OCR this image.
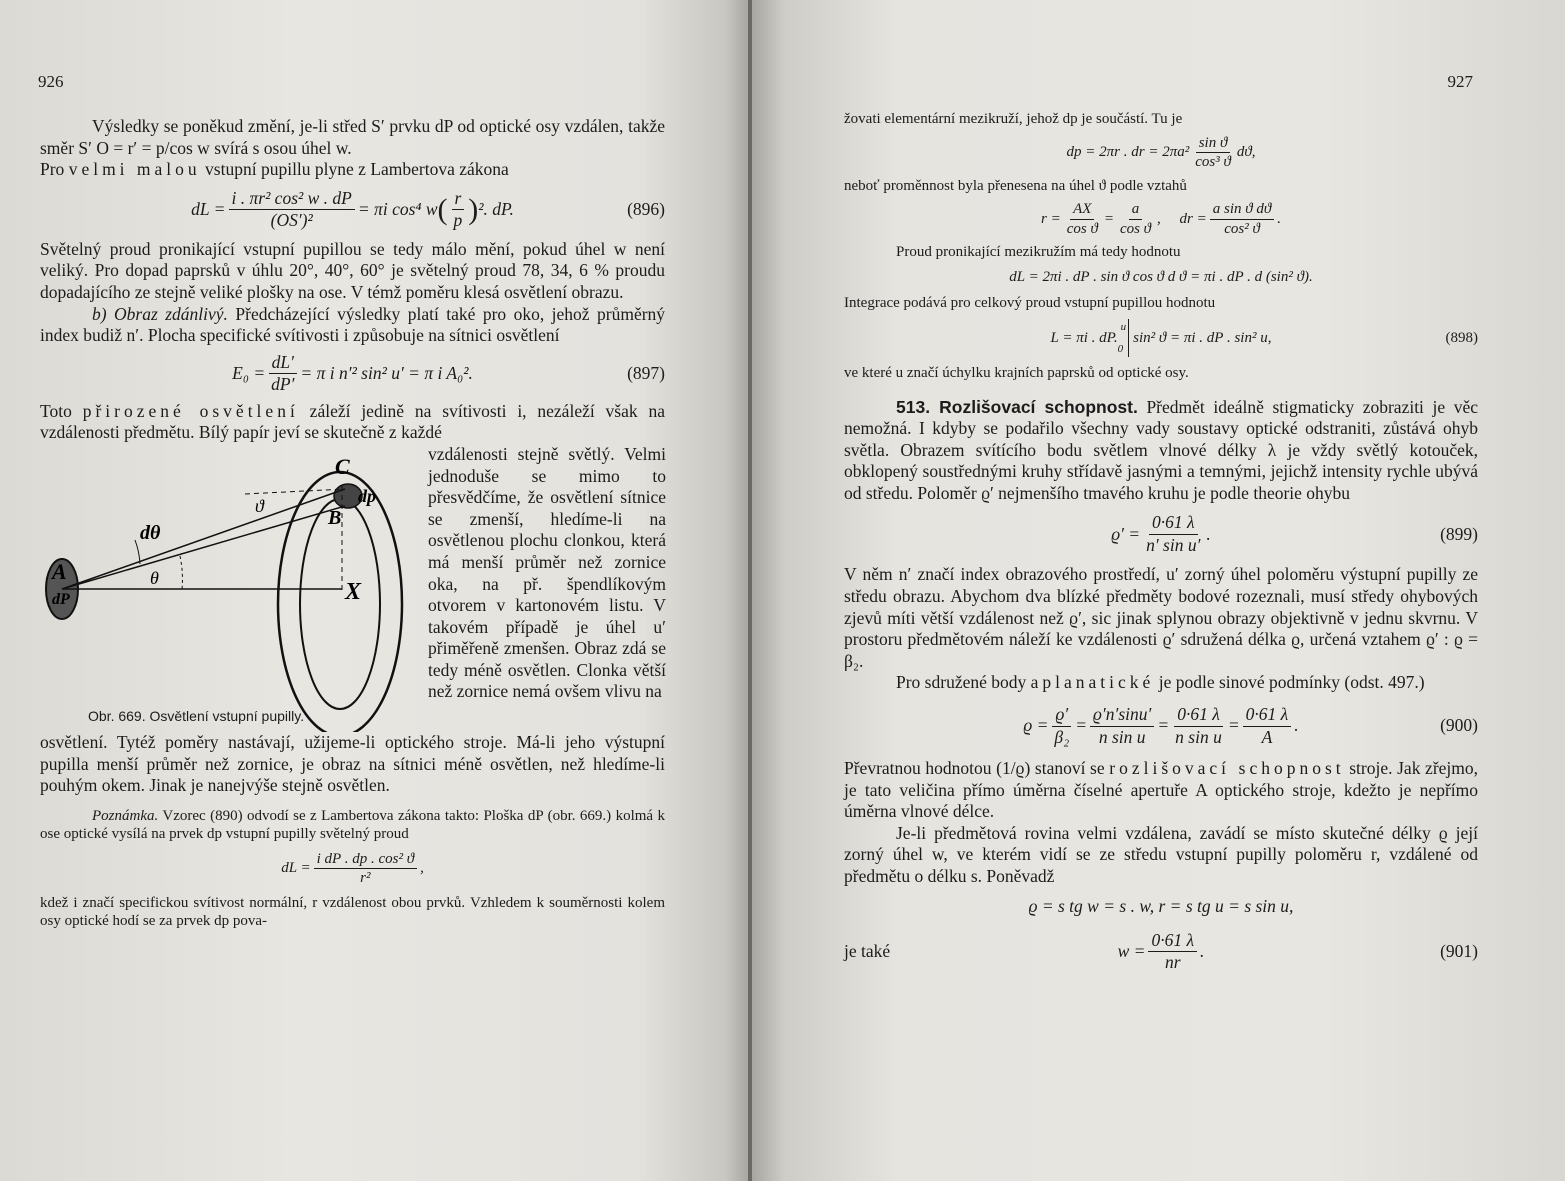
926

Výsledky se poněkud změní, je-li střed S′ prvku dP od optické osy vzdálen, takže směr S′ O = r′ = p/cos w svírá s osou úhel w.

Pro velmi malou vstupní pupillu plyne z Lambertova zákona

dL = $\frac{\text{i . πr² cos² w . dP}}{\text{(OS′)²}} = \pi i$ cos⁴ w ( $\frac{r}{p}$ ) ². dP.	(896)

Světelný proud pronikající vstupní pupillou se tedy málo mění, pokud úhel w není veliký. Pro dopad paprsků v úhlu 20°, 40°, 60° je světelný proud 78, 34, 6 % proudu dopadajícího ze stejně veliké plošky na ose. V témž poměru klesá osvětlení obrazu.

b) Obraz zdánlivý. Předcházející výsledky platí také pro oko, jehož průměrný index budiž n′. Plocha specifické svítivosti i způsobuje na sítnici osvětlení

$E_0 = \frac{dL'}{dP'} = \pi$ i n′² sin² u′ = π i A₀².	(897)

Toto přirozené osvětlení záleží jedině na svítivosti i, nezáleží však na vzdálenosti předmětu. Bílý papír jeví se skutečně z každé

A
dP
dθ
θ
ϑ
C
dp
B
X
Obr. 669. Osvětlení vstupní pupilly.

vzdálenosti stejně světlý. Velmi jednoduše se mimo to přesvědčíme, že osvětlení sítnice se zmenší, hledíme-li na osvětlenou plochu clonkou, která má menší průměr než zornice oka, na př. špendlíkovým otvorem v kartonovém listu. V takovém případě je úhel u′ přiměřeně zmenšen. Obraz zdá se tedy méně osvětlen. Clonka větší než zornice nemá ovšem vlivu na

osvětlení. Tytéž poměry nastávají, užijeme-li optického stroje. Má-li jeho výstupní pupilla menší průměr než zornice, je obraz na sítnici méně osvětlen, než hledíme-li pouhým okem. Jinak je nanejvýše stejně osvětlen.

Poznámka. Vzorec (890) odvodí se z Lambertova zákona takto: Ploška dP (obr. 669.) kolmá k ose optické vysílá na prvek dp vstupní pupilly světelný proud

dL = $\frac{\text{i dP . dp . cos² ϑ}}{\text{r²}}$ ,

kdež i značí specifickou svítivost normální, r vzdálenost obou prvků. Vzhledem k souměrnosti kolem osy optické hodí se za prvek dp pova-

927

žovati elementární mezikruží, jehož dp je součástí. Tu je

dp = 2πr . dr = $2\pi a^2 \frac{\text{sin ϑ}}{\text{cos³ ϑ}} dϑ$,

neboť proměnnost byla přenesena na úhel ϑ podle vztahů

$r = \frac{AX}{\text{cos ϑ}} = \frac{a}{\text{cos ϑ}}$ ,     dr = $\frac{\text{a sin ϑ dϑ}}{\text{cos² ϑ}}$ .

Proud pronikající mezikružím má tedy hodnotu

dL = 2πi . dP . sin ϑ cos ϑ d ϑ = πi . dP . d (sin² ϑ).

Integrace podává pro celkový proud vstupní pupillou hodnotu

L = πi . dP.
u
0
sin² ϑ = πi . dP . sin² u,	(898)

ve které u značí úchylku krajních paprsků od optické osy.

513. Rozlišovací schopnost. Předmět ideálně stigmaticky zobraziti je věc nemožná. I kdyby se podařilo všechny vady soustavy optické odstraniti, zůstává ohyb světla. Obrazem svítícího bodu světlem vlnové délky λ je vždy světlý kotouček, obklopený soustřednými kruhy střídavě jasnými a temnými, jejichž intensity rychle ubývá od středu. Poloměr ϱ′ nejmenšího tmavého kruhu je podle theorie ohybu

$ϱ' = \frac{0\cdot 61 \lambda}{\text{n′ sin u′}}$ .	(899)

V něm n′ značí index obrazového prostředí, u′ zorný úhel poloměru výstupní pupilly ze středu obrazu. Abychom dva blízké předměty bodové rozeznali, musí středy ohybových zjevů míti větší vzdálenost než ϱ′, sic jinak splynou obrazy objektivně v jednu skvrnu. V prostoru předmětovém náleží ke vzdálenosti ϱ′ sdružená délka ϱ, určená vztahem ϱ′ : ϱ = β₂.

Pro sdružené body aplanatické je podle sinové podmínky (odst. 497.)

$ϱ = \frac{ϱ'}{\text{β₂}} = \frac{ϱ'n'\sin u'}{\text{n sin u}} = \frac{0\cdot 61 \lambda}{\text{n sin u}} = \frac{0\cdot 61 \lambda}{A}$ .	(900)

Převratnou hodnotou (1/ϱ) stanoví se rozlišovací schopnost stroje. Jak zřejmo, je tato veličina přímo úměrna číselné apertuře A optického stroje, kdežto je nepřímo úměrna vlnové délce.

Je-li předmětová rovina velmi vzdálena, zavádí se místo skutečné délky ϱ její zorný úhel w, ve kterém vidí se ze středu vstupní pupilly poloměru r, vzdálené od předmětu o délku s. Poněvadž

ϱ = s tg w = s . w, r = s tg u = s sin u,
je také	$w = \frac{0\cdot 61 \lambda}{nr}$ .	(901)
